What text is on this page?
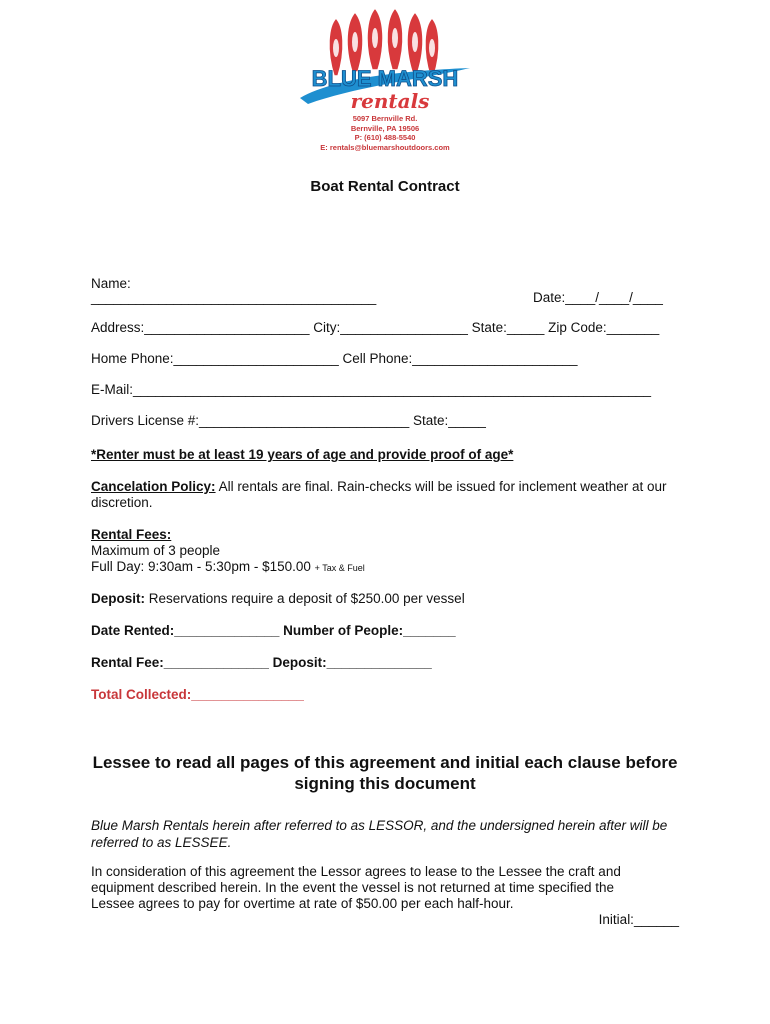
BLUE MARSH
rentals
5097 Bernville Rd.
Bernville, PA 19506
P: (610) 488-5540
E: rentals@bluemarshoutdoors.com
Boat Rental Contract
Name:
______________________________________	Date:____/____/____
Address:______________________ City:_________________ State:_____ Zip Code:_______
Home Phone:______________________ Cell Phone:______________________
E-Mail:_____________________________________________________________________
Drivers License #:____________________________ State:_____
*Renter must be at least 19 years of age and provide proof of age*
Cancelation Policy: All rentals are final. Rain-checks will be issued for inclement weather at our discretion.
Rental Fees:
Maximum of 3 people
Full Day: 9:30am - 5:30pm - $150.00 + Tax & Fuel
Deposit: Reservations require a deposit of $250.00 per vessel
Date Rented:______________ Number of People:_______
Rental Fee:______________ Deposit:______________
Total Collected:_______________
Lessee to read all pages of this agreement and initial each clause before signing this document
Blue Marsh Rentals herein after referred to as LESSOR, and the undersigned herein after will be referred to as LESSEE.
In consideration of this agreement the Lessor agrees to lease to the Lessee the craft and equipment described herein. In the event the vessel is not returned at time specified the Lessee agrees to pay for overtime at rate of $50.00 per each half-hour.
Initial:______
